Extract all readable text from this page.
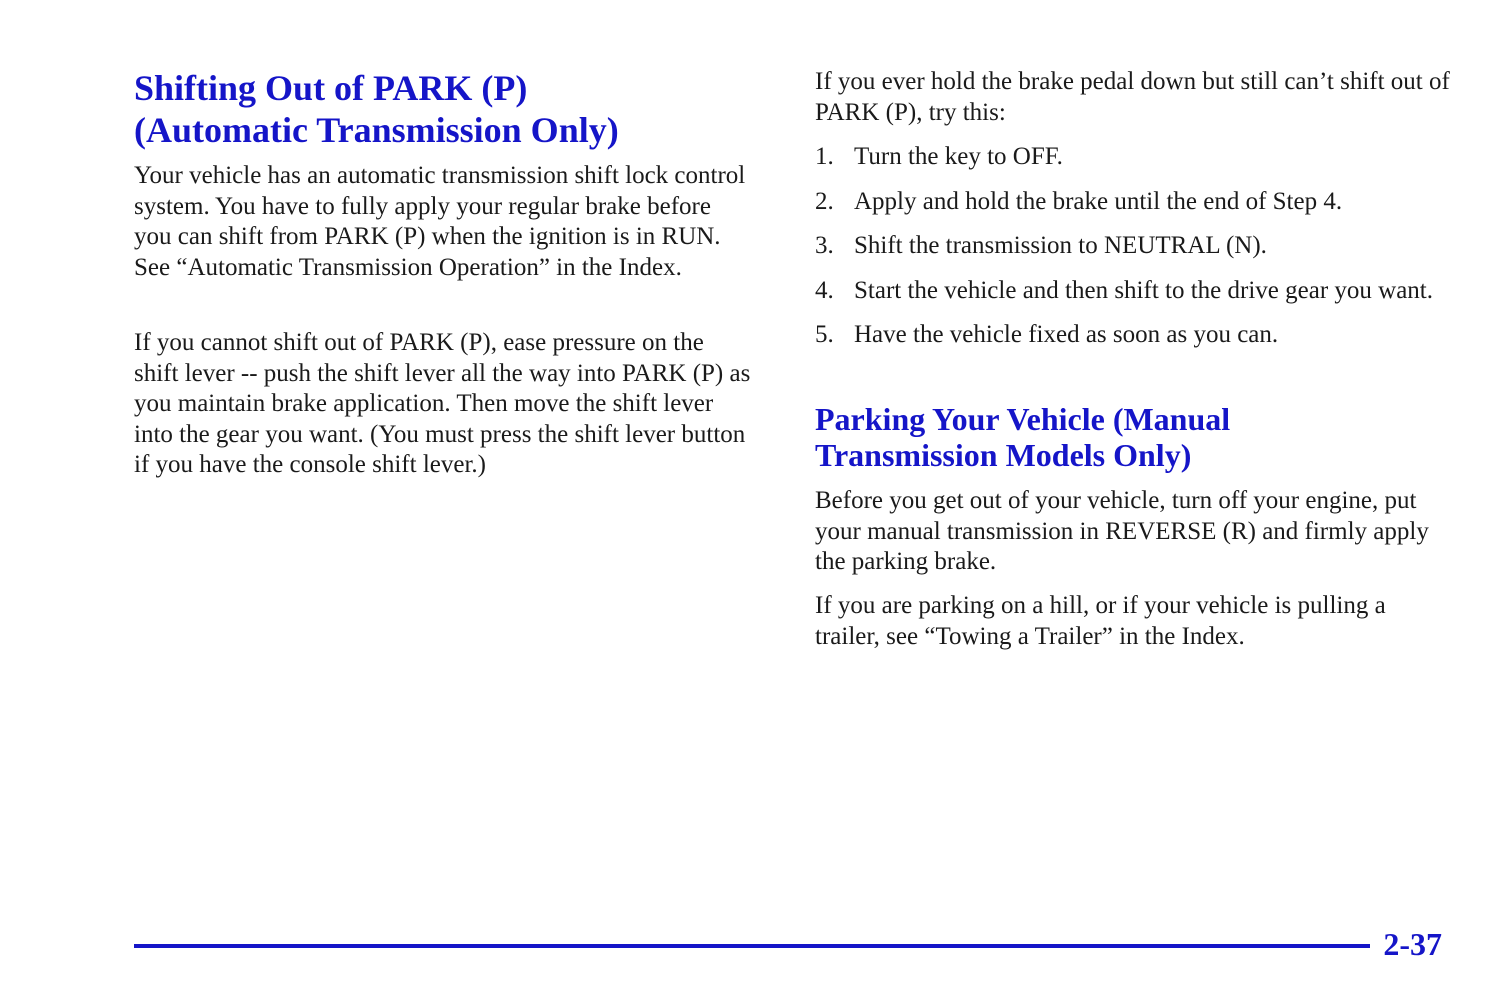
Shifting Out of PARK (P)
(Automatic Transmission Only)

Your vehicle has an automatic transmission shift lock control system. You have to fully apply your regular brake before you can shift from PARK (P) when the ignition is in RUN. See “Automatic Transmission Operation” in the Index.

If you cannot shift out of PARK (P), ease pressure on the shift lever -- push the shift lever all the way into PARK (P) as you maintain brake application. Then move the shift lever into the gear you want. (You must press the shift lever button if you have the console shift lever.)

If you ever hold the brake pedal down but still can’t shift out of PARK (P), try this:

1. Turn the key to OFF.
2. Apply and hold the brake until the end of Step 4.
3. Shift the transmission to NEUTRAL (N).
4. Start the vehicle and then shift to the drive gear you want.
5. Have the vehicle fixed as soon as you can.
Parking Your Vehicle (Manual
Transmission Models Only)

Before you get out of your vehicle, turn off your engine, put your manual transmission in REVERSE (R) and firmly apply the parking brake.

If you are parking on a hill, or if your vehicle is pulling a trailer, see “Towing a Trailer” in the Index.

2-37
